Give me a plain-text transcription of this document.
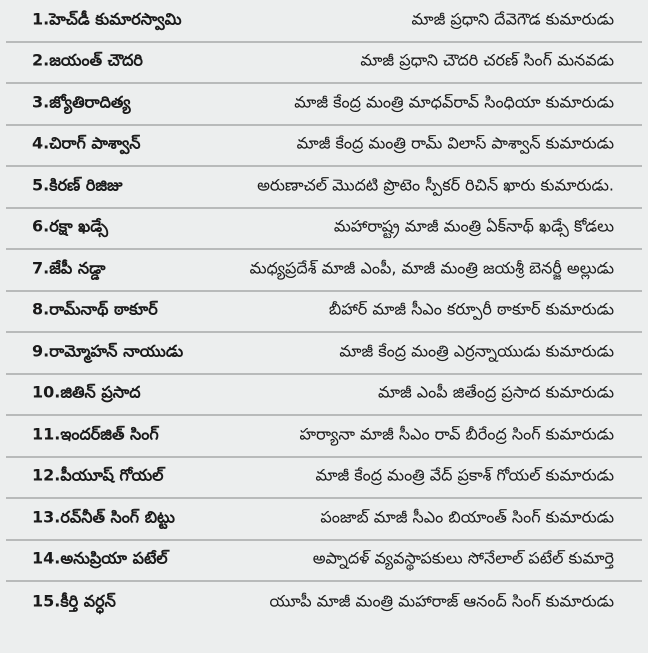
1.హెచ్‌డీ కుమారస్వామి	మాజీ ప్రధాని దేవెగౌడ కుమారుడు
2.జయంత్ చౌదరి	మాజీ ప్రధాని చౌదరి చరణ్ సింగ్ మనవడు
3.జ్యోతిరాదిత్య	మాజీ కేంద్ర మంత్రి మాధవ్‌రావ్ సింధియా కుమారుడు
4.చిరాగ్ పాశ్వాన్	మాజీ కేంద్ర మంత్రి రామ్ విలాస్ పాశ్వాన్ కుమారుడు
5.కిరణ్ రిజిజు	అరుణాచల్ మొదటి ప్రొటెం స్పీకర్ రిచిన్ ఖారు కుమారుడు.
6.రక్షా ఖడ్సే	మహారాష్ట్ర మాజీ మంత్రి ఏక్‌నాథ్ ఖడ్సే కోడలు
7.జేపీ నడ్డా	మధ్యప్రదేశ్ మాజీ ఎంపీ, మాజీ మంత్రి జయశ్రీ బెనర్జీ అల్లుడు
8.రామ్‌నాథ్ ఠాకూర్	బీహార్ మాజీ సీఎం కర్పూరీ ఠాకూర్ కుమారుడు
9.రామ్మోహన్ నాయుడు	మాజీ కేంద్ర మంత్రి ఎర్రన్నాయుడు కుమారుడు
10.జితిన్ ప్రసాద	మాజీ ఎంపీ జితేంద్ర ప్రసాద కుమారుడు
11.ఇందర్‌జిత్ సింగ్	హర్యానా మాజీ సీఎం రావ్ బీరేంద్ర సింగ్ కుమారుడు
12.పీయూష్ గోయల్	మాజీ కేంద్ర మంత్రి వేద్ ప్రకాశ్ గోయల్ కుమారుడు
13.రవ్‌నీత్ సింగ్ బిట్టు	పంజాబ్ మాజీ సీఎం బియాంత్ సింగ్ కుమారుడు
14.అనుప్రియా పటేల్	అప్నాదళ్ వ్యవస్థాపకులు సోనేలాల్ పటేల్ కుమార్తె
15.కీర్తి వర్ధన్	యూపీ మాజీ మంత్రి మహారాజ్ ఆనంద్ సింగ్ కుమారుడు
